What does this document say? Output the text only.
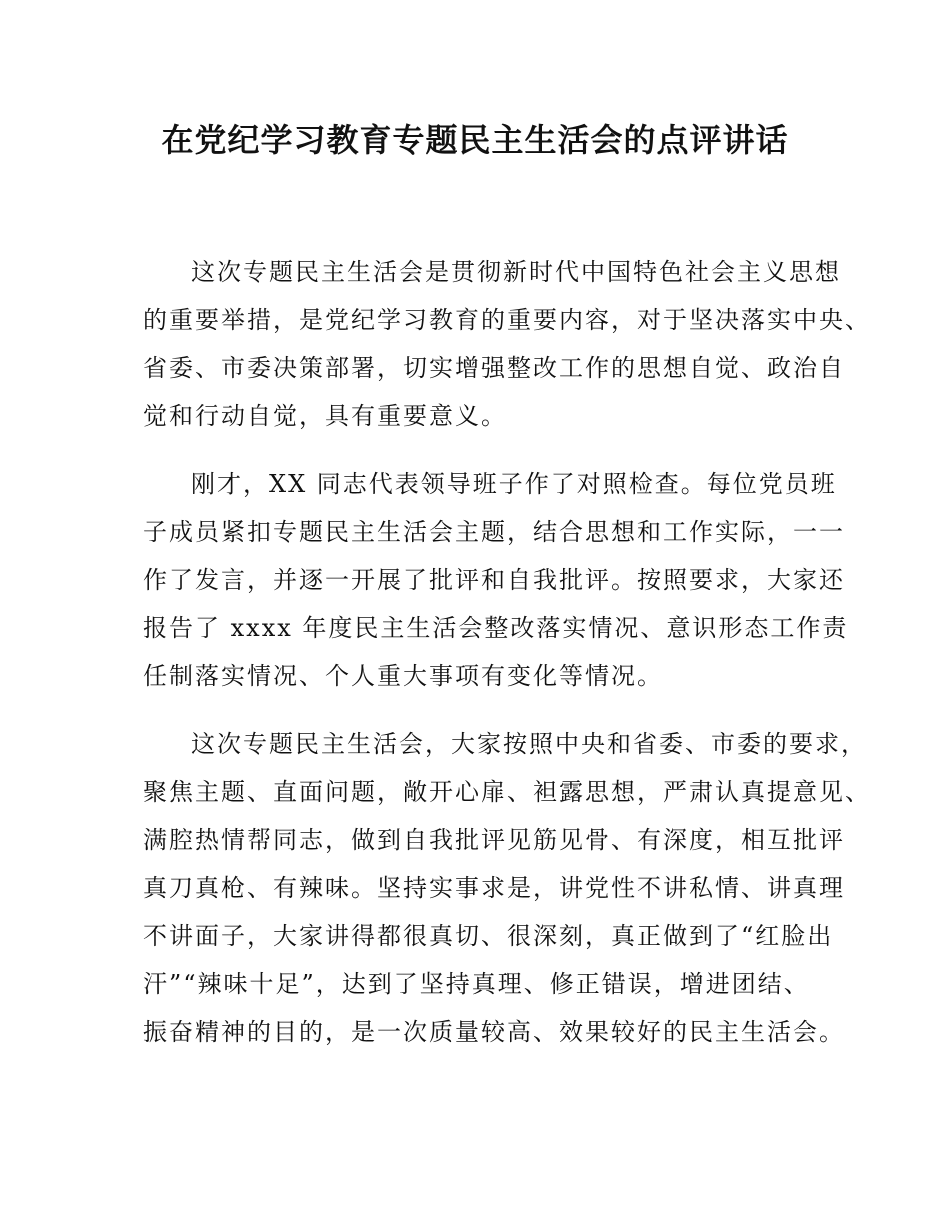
在党纪学习教育专题民主生活会的点评讲话
这次专题民主生活会是贯彻新时代中国特色社会主义思想
的重要举措，是党纪学习教育的重要内容，对于坚决落实中央、
省委、市委决策部署，切实增强整改工作的思想自觉、政治自
觉和行动自觉，具有重要意义。
刚才，XX 同志代表领导班子作了对照检查。每位党员班
子成员紧扣专题民主生活会主题，结合思想和工作实际，一一
作了发言，并逐一开展了批评和自我批评。按照要求，大家还
报告了 xxxx 年度民主生活会整改落实情况、意识形态工作责
任制落实情况、个人重大事项有变化等情况。
这次专题民主生活会，大家按照中央和省委、市委的要求，
聚焦主题、直面问题，敞开心扉、袒露思想，严肃认真提意见、
满腔热情帮同志，做到自我批评见筋见骨、有深度，相互批评
真刀真枪、有辣味。坚持实事求是，讲党性不讲私情、讲真理
不讲面子，大家讲得都很真切、很深刻，真正做到了“红脸出
汗”“辣味十足”，达到了坚持真理、修正错误，增进团结、
振奋精神的目的，是一次质量较高、效果较好的民主生活会。
